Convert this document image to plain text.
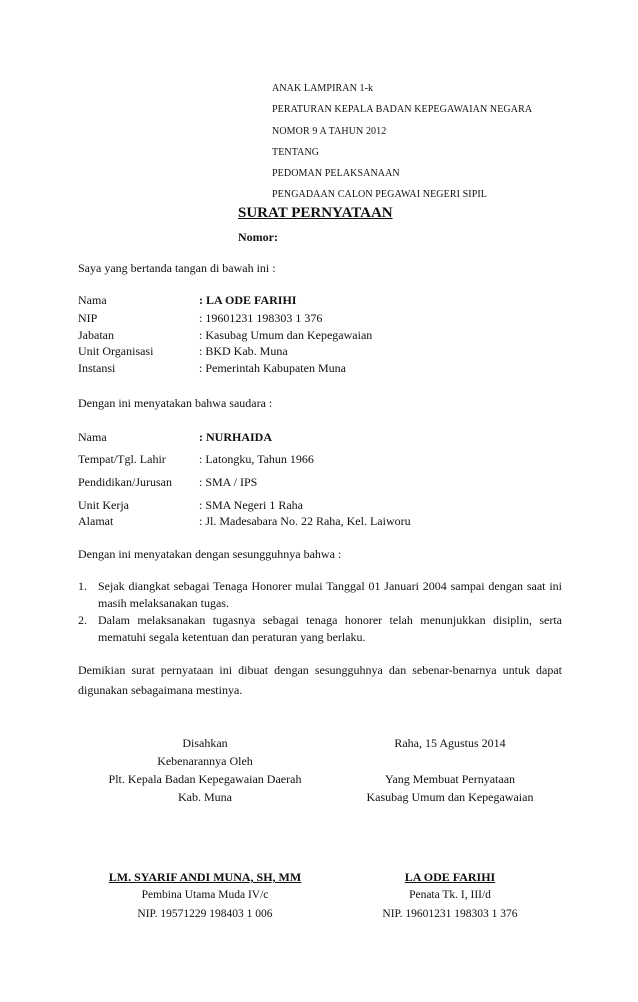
ANAK LAMPIRAN 1-k
PERATURAN KEPALA BADAN KEPEGAWAIAN NEGARA
NOMOR 9 A TAHUN 2012
TENTANG
PEDOMAN PELAKSANAAN
PENGADAAN CALON PEGAWAI NEGERI SIPIL
SURAT PERNYATAAN
Nomor:
Saya yang bertanda tangan di bawah ini :
Nama	: LA ODE FARIHI
NIP	: 19601231 198303 1 376
Jabatan	: Kasubag Umum dan Kepegawaian
Unit Organisasi	: BKD Kab. Muna
Instansi	: Pemerintah Kabupaten Muna
Dengan ini menyatakan bahwa saudara :
Nama	: NURHAIDA
Tempat/Tgl. Lahir	: Latongku, Tahun 1966
Pendidikan/Jurusan	: SMA / IPS
Unit Kerja	: SMA Negeri 1 Raha
Alamat	: Jl. Madesabara No. 22 Raha, Kel. Laiworu
Dengan ini menyatakan dengan sesungguhnya bahwa :
1. Sejak diangkat sebagai Tenaga Honorer mulai Tanggal 01 Januari 2004 sampai dengan saat ini masih melaksanakan tugas.
2. Dalam melaksanakan tugasnya sebagai tenaga honorer telah menunjukkan disiplin, serta mematuhi segala ketentuan dan peraturan yang berlaku.
Demikian surat pernyataan ini dibuat dengan sesungguhnya dan sebenar-benarnya untuk dapat digunakan sebagaimana mestinya.
Disahkan
Kebenarannya Oleh
Plt. Kepala Badan Kepegawaian Daerah
Kab. Muna
LM. SYARIF ANDI MUNA, SH, MM
Pembina Utama Muda IV/c
NIP. 19571229 198403 1 006
Raha, 15 Agustus 2014
Yang Membuat Pernyataan
Kasubag Umum dan Kepegawaian
LA ODE FARIHI
Penata Tk. I, III/d
NIP. 19601231 198303 1 376
